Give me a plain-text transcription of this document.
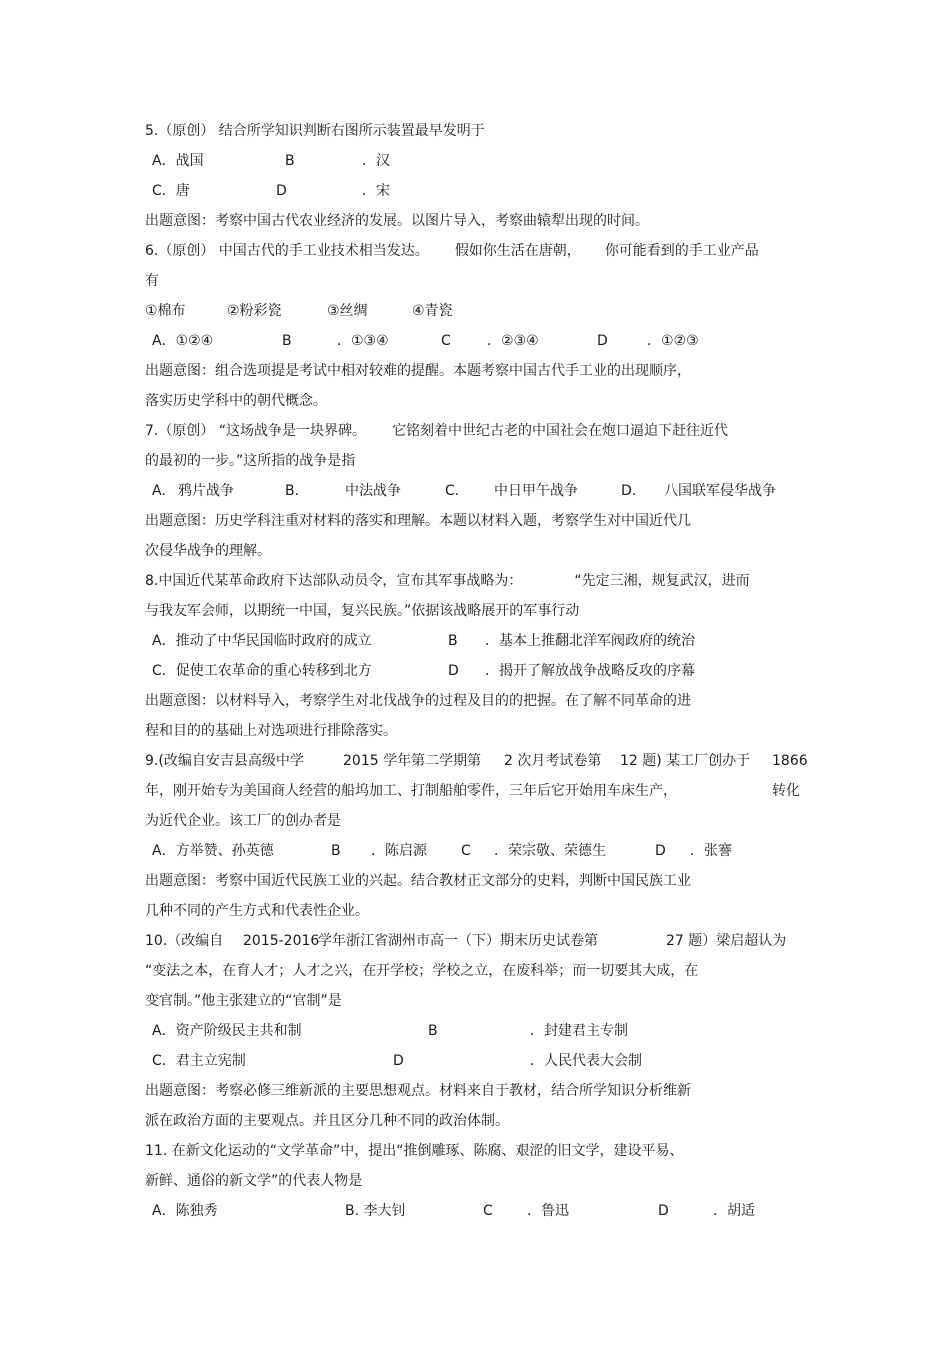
5.（原创） 结合所学知识判断右图所示装置最早发明于
A．战国	B	．汉
C．唐	D	．宋
出题意图：考察中国古代农业经济的发展。以图片导入，考察曲辕犁出现的时间。
6.（原创） 中国古代的手工业技术相当发达。 假如你生活在唐朝， 你可能看到的手工业产品
有
①棉布	②粉彩瓷	③丝绸	④青瓷
A．①②④	B	．①③④	C	．②③④	D	．①②③
出题意图：组合选项提是考试中相对较难的提醒。本题考察中国古代手工业的出现顺序，
落实历史学科中的朝代概念。
7.（原创） “这场战争是一块界碑。 它铭刻着中世纪古老的中国社会在炮口逼迫下赶往近代
的最初的一步。”这所指的战争是指
A. 鸦片战争	B.	中法战争	C. 中日甲午战争	D. 八国联军侵华战争
出题意图：历史学科注重对材料的落实和理解。本题以材料入题，考察学生对中国近代几
次侵华战争的理解。
8.中国近代某革命政府下达部队动员令，宣布其军事战略为：	“先定三湘，规复武汉，进而
与我友军会师，以期统一中国，复兴民族。”依据该战略展开的军事行动
A．推动了中华民国临时政府的成立	B ．基本上推翻北洋军阀政府的统治
C．促使工农革命的重心转移到北方	D ．揭开了解放战争战略反攻的序幕
出题意图：以材料导入，考察学生对北伐战争的过程及目的的把握。在了解不同革命的进
程和目的的基础上对选项进行排除落实。
9.(改编自安吉县高级中学	2015 学年第二学期第 2 次月考试卷第 12 题) 某工厂创办于 1866
年，刚开始专为美国商人经营的船坞加工、打制船舶零件，三年后它开始用车床生产，	转化
为近代企业。该工厂的创办者是
A．方举赞、孙英德	B ．陈启源 C ．荣宗敬、荣德生	D ．张謇
出题意图：考察中国近代民族工业的兴起。结合教材正文部分的史料，判断中国民族工业
几种不同的产生方式和代表性企业。
10.（改编自 2015-2016
学年浙江省湖州市高一（下）期末历史试卷第	27 题）梁启超认为
“变法之本，在育人才；人才之兴，在开学校；学校之立，在废科举；而一切要其大成，在
变官制。”他主张建立的“官制”是
A．资产阶级民主共和制	B	．封建君主专制
C．君主立宪制	D	．人民代表大会制
出题意图：考察必修三维新派的主要思想观点。材料来自于教材，结合所学知识分析维新
派在政治方面的主要观点。并且区分几种不同的政治体制。
11. 在新文化运动的“文学革命”中，提出“推倒雕琢、陈腐、艰涩的旧文学，建设平易、
新鲜、通俗的新文学”的代表人物是
A．陈独秀	B. 李大钊	C ．鲁迅	D	．胡适
